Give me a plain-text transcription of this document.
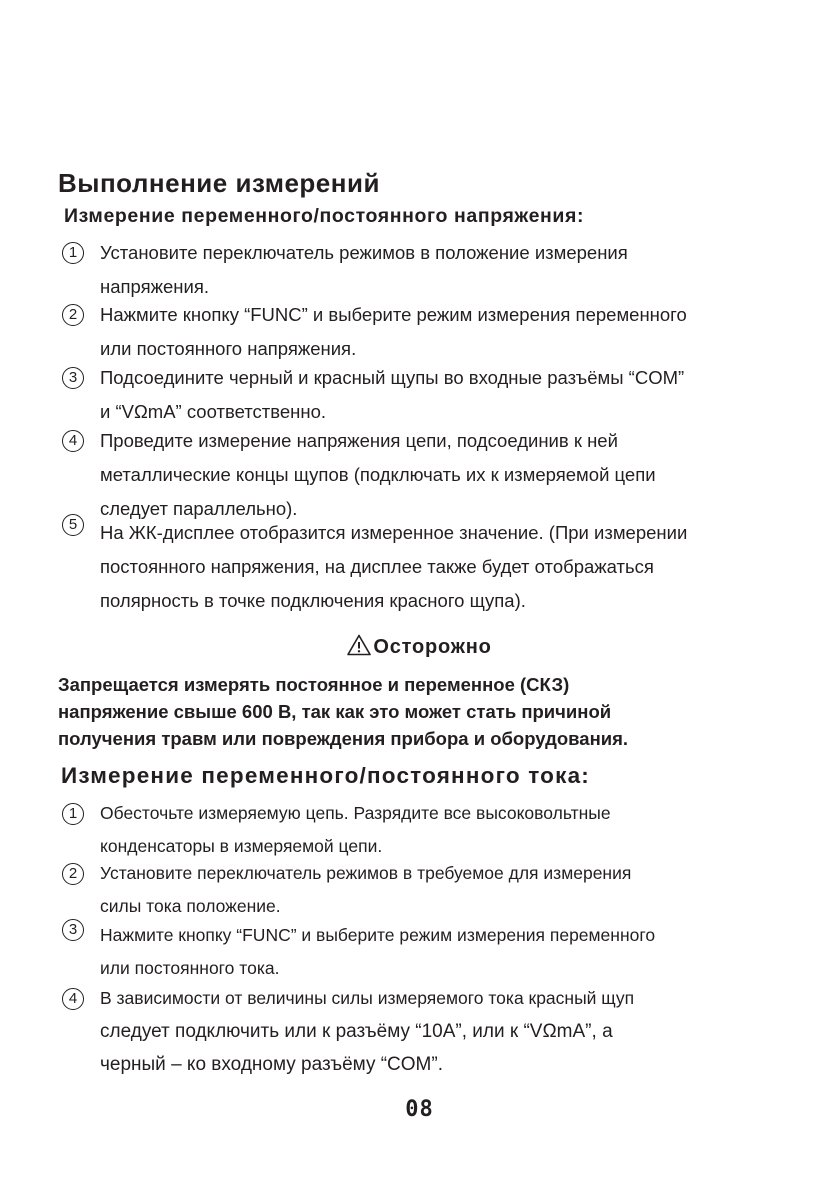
Выполнение измерений
Измерение переменного/постоянного напряжения:
1	Установите переключатель режимов в положение измерения
напряжения.
2	Нажмите кнопку “FUNC” и выберите режим измерения переменного
или постоянного напряжения.
3	Подсоедините черный и красный щупы во входные разъёмы “COM”
и “VΩmA” соответственно.
4	Проведите измерение напряжения цепи, подсоединив к ней
металлические концы щупов (подключать их к измеряемой цепи
следует параллельно).
5	На ЖК-дисплее отобразится измеренное значение. (При измерении
постоянного напряжения, на дисплее также будет отображаться
полярность в точке подключения красного щупа).
Осторожно
Запрещается измерять постоянное и переменное (СКЗ)
напряжение свыше 600 В, так как это может стать причиной
получения травм или повреждения прибора и оборудования.
Измерение переменного/постоянного тока:
1	Обесточьте измеряемую цепь. Разрядите все высоковольтные
конденсаторы в измеряемой цепи.
2	Установите переключатель режимов в требуемое для измерения
силы тока положение.
3	Нажмите кнопку “FUNC” и выберите режим измерения переменного
или постоянного тока.
4	В зависимости от величины силы измеряемого тока красный щуп
следует подключить или к разъёму “10A”, или к “VΩmA”, а
черный – ко входному разъёму “COM”.
08
